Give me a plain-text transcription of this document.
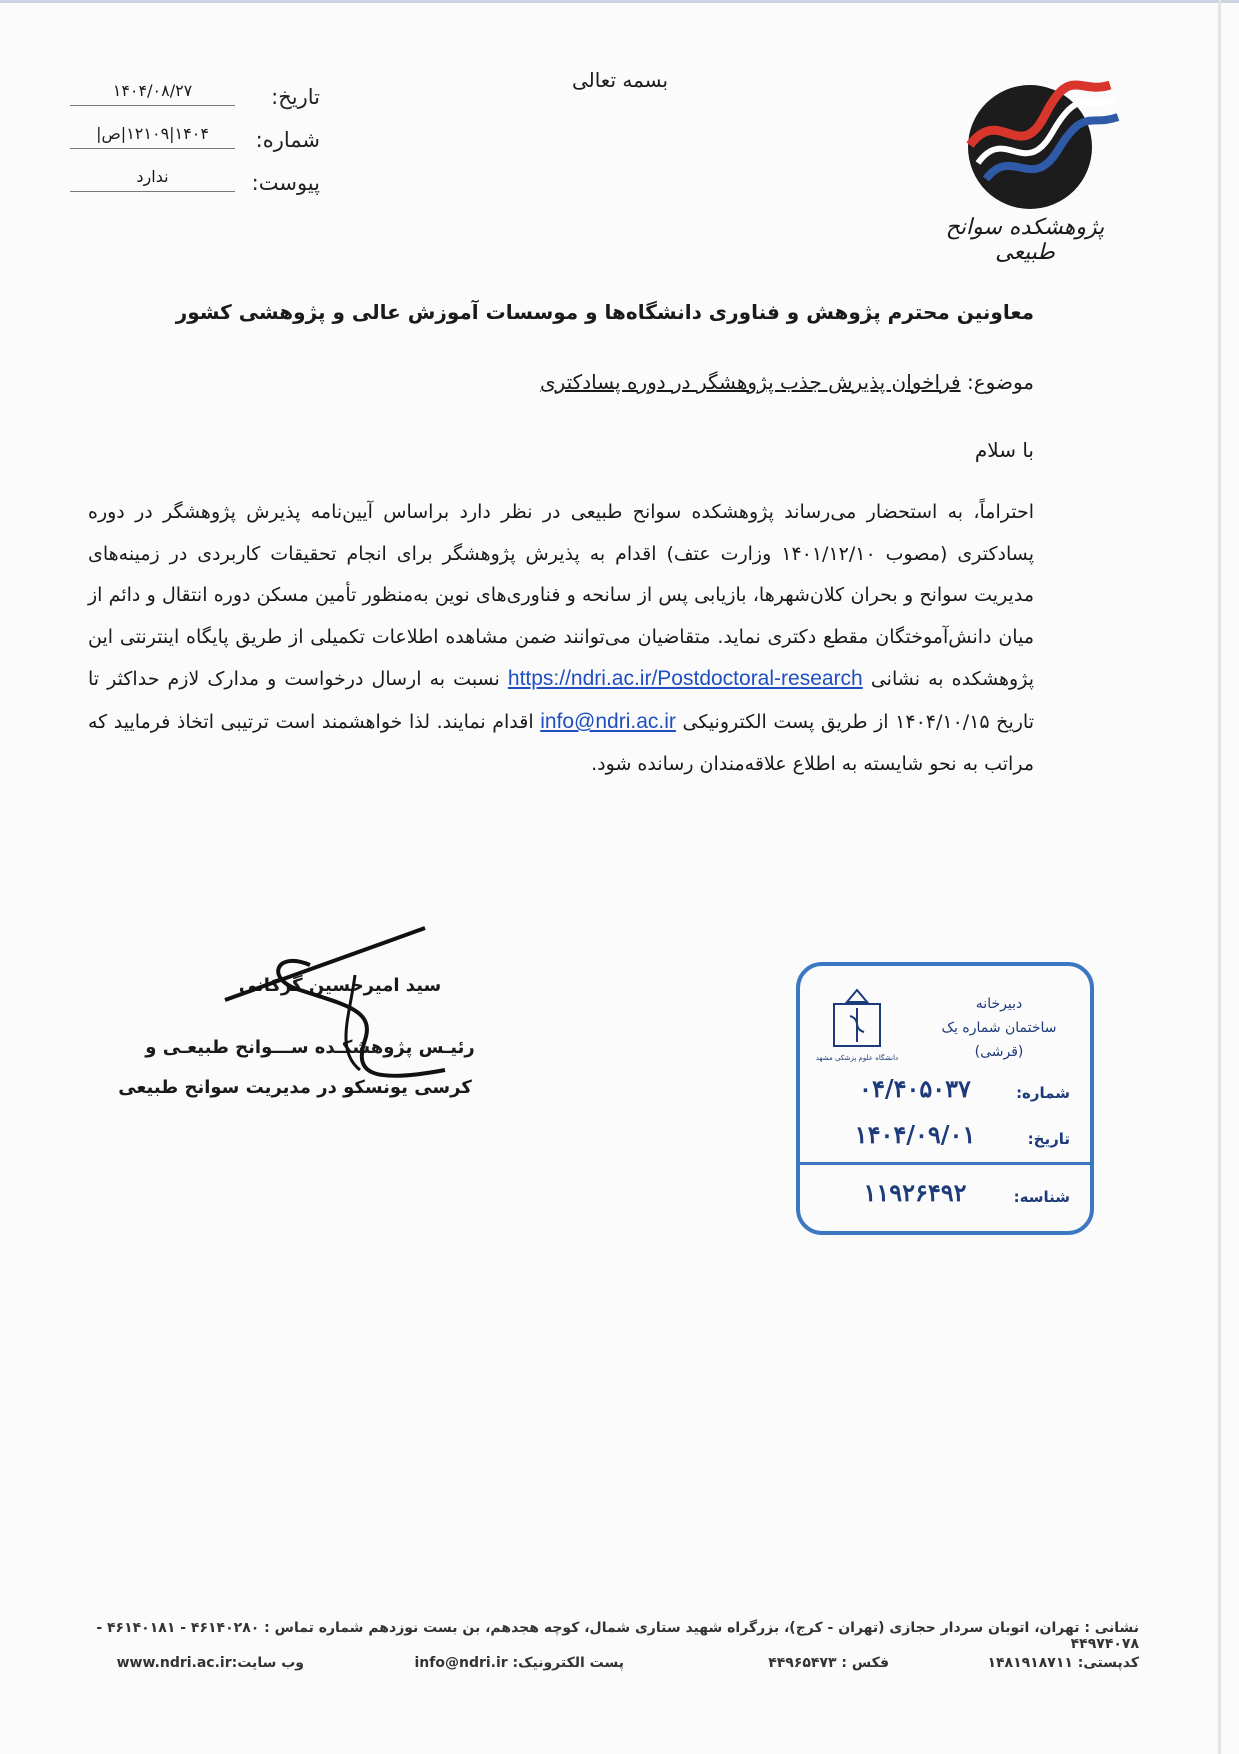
بسمه تعالی
تاریخ:
۱۴۰۴/۰۸/۲۷
شماره:
۱۴۰۴|۱۲۱۰۹|ص|
پیوست:
ندارد
پژوهشکده سوانح طبیعی
معاونین محترم پژوهش و فناوری دانشگاه‌ها و موسسات آموزش عالی و پژوهشی کشور
موضوع: فراخوان پذیرش جذب پژوهشگر در دوره پسادکتری
با سلام
احتراماً، به استحضار می‌رساند پژوهشکده سوانح طبیعی در نظر دارد براساس آیین‌نامه پذیرش پژوهشگر در دوره پسادکتری (مصوب ۱۴۰۱/۱۲/۱۰ وزارت عتف) اقدام به پذیرش پژوهشگر برای انجام تحقیقات کاربردی در زمینه‌های مدیریت سوانح و بحران کلان‌شهرها، بازیابی پس از سانحه و فناوری‌های نوین به‌منظور تأمین مسکن دوره انتقال و دائم از میان دانش‌آموختگان مقطع دکتری نماید. متقاضیان می‌توانند ضمن مشاهده اطلاعات تکمیلی از طریق پایگاه اینترنتی این پژوهشکده به نشانی https://ndri.ac.ir/Postdoctoral-research نسبت به ارسال درخواست و مدارک لازم حداکثر تا تاریخ ۱۴۰۴/۱۰/۱۵ از طریق پست الکترونیکی info@ndri.ac.ir اقدام نمایند. لذا خواهشمند است ترتیبی اتخاذ فرمایید که مراتب به نحو شایسته به اطلاع علاقه‌مندان رسانده شود.
سید امیرحسین گرکانی
رئیـس پژوهشکـده ســـوانح طبیعـی و
کرسی یونسکو در مدیریت سوانح طبیعی
دانشگاه علوم پزشکی مشهد
دبیرخانه
ساختمان شماره یک
(قرشی)
شماره:
۰۴/۴۰۵۰۳۷
تاریخ:
۱۴۰۴/۰۹/۰۱
شناسه:
۱۱۹۲۶۴۹۲
نشانی : تهران، اتوبان سردار حجازی (تهران - کرج)، بزرگراه شهید ستاری شمال، کوچه هجدهم، بن بست نوزدهم شماره تماس : ۴۶۱۴۰۲۸۰ - ۴۶۱۴۰۱۸۱ - ۴۴۹۷۴۰۷۸
کدپستی: ۱۴۸۱۹۱۸۷۱۱
فکس : ۴۴۹۶۵۴۷۳
پست الکترونیک: info@ndri.ir
وب سایت:www.ndri.ac.ir
